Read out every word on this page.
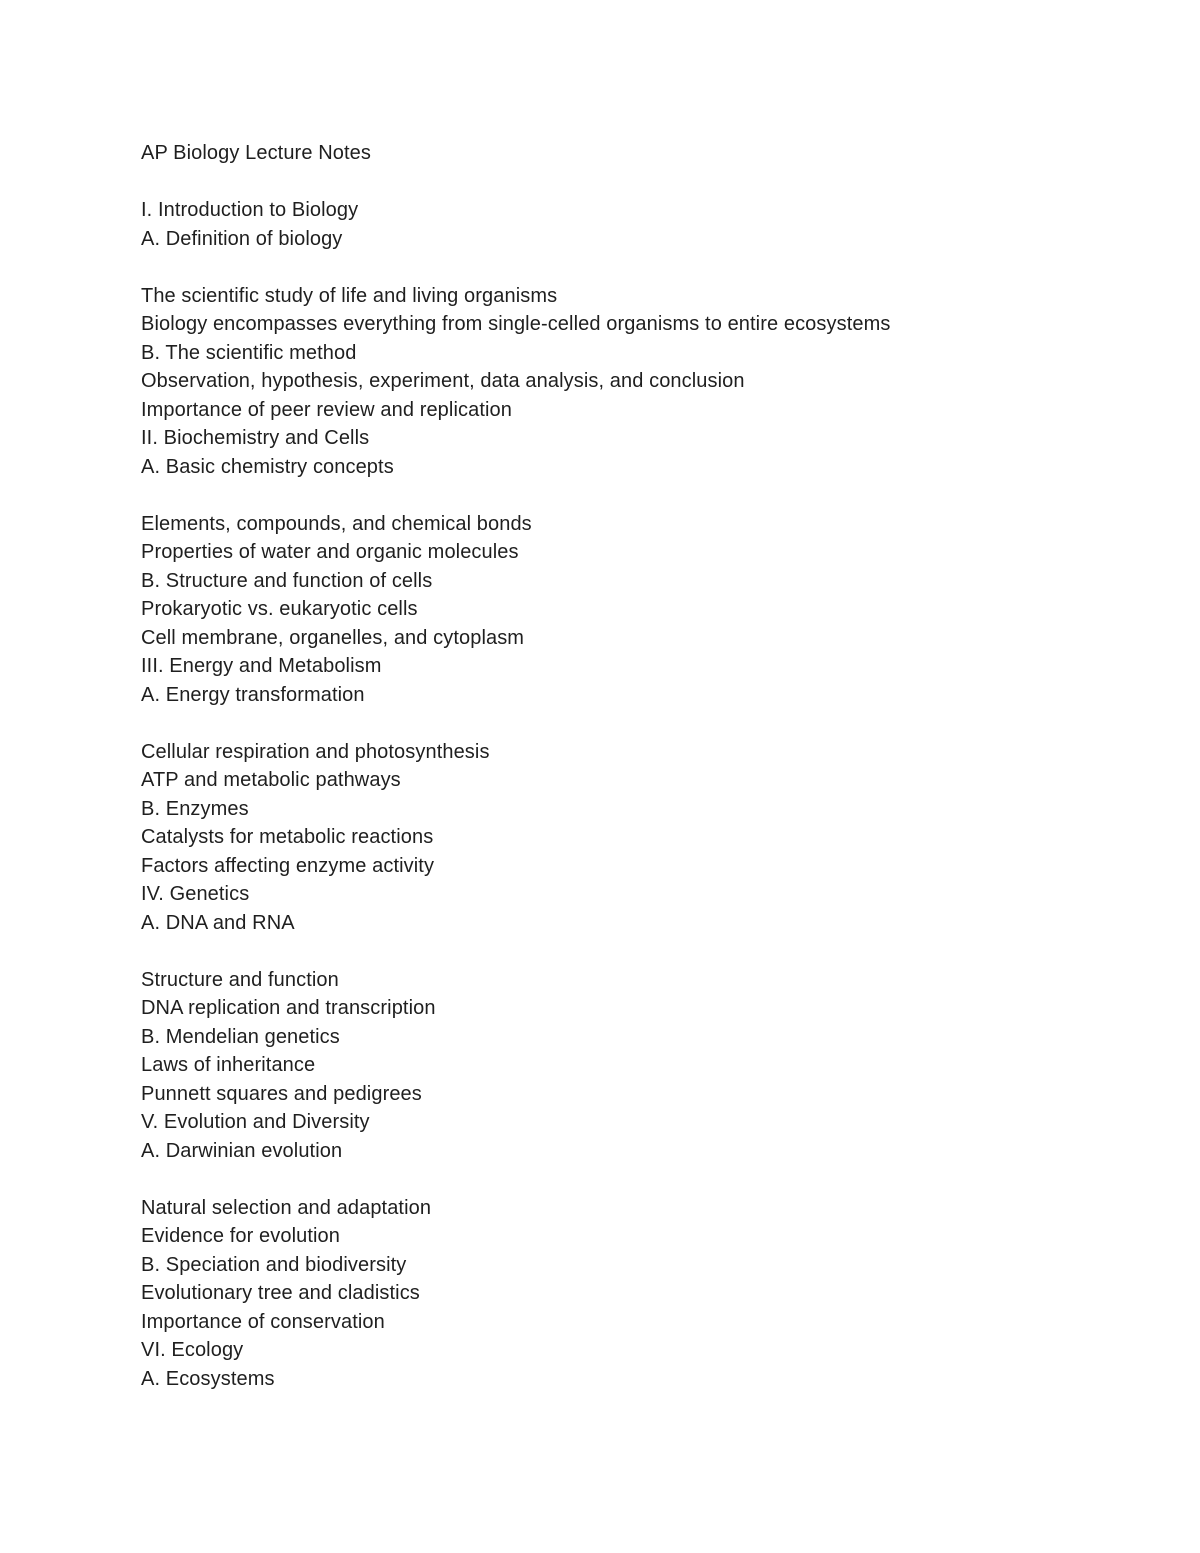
AP Biology Lecture Notes
I. Introduction to Biology
A. Definition of biology
The scientific study of life and living organisms
Biology encompasses everything from single-celled organisms to entire ecosystems
B. The scientific method
Observation, hypothesis, experiment, data analysis, and conclusion
Importance of peer review and replication
II. Biochemistry and Cells
A. Basic chemistry concepts
Elements, compounds, and chemical bonds
Properties of water and organic molecules
B. Structure and function of cells
Prokaryotic vs. eukaryotic cells
Cell membrane, organelles, and cytoplasm
III. Energy and Metabolism
A. Energy transformation
Cellular respiration and photosynthesis
ATP and metabolic pathways
B. Enzymes
Catalysts for metabolic reactions
Factors affecting enzyme activity
IV. Genetics
A. DNA and RNA
Structure and function
DNA replication and transcription
B. Mendelian genetics
Laws of inheritance
Punnett squares and pedigrees
V. Evolution and Diversity
A. Darwinian evolution
Natural selection and adaptation
Evidence for evolution
B. Speciation and biodiversity
Evolutionary tree and cladistics
Importance of conservation
VI. Ecology
A. Ecosystems
